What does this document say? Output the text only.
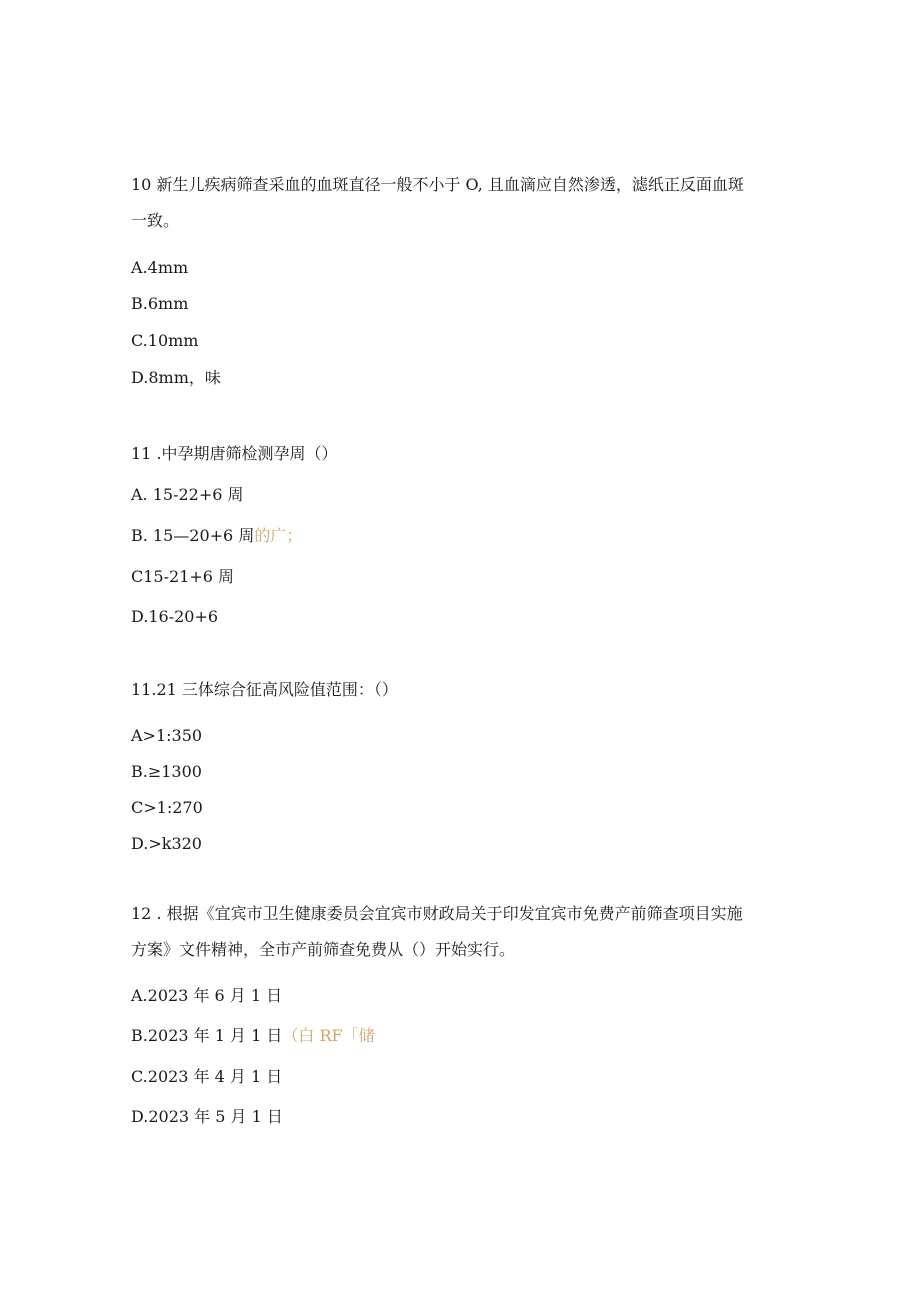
10 新生儿疾病筛查采血的血斑直径一般不小于 O, 且血滴应自然渗透，滤纸正反面血斑
一致。
A.4mm
B.6mm
C.10mm
D.8mm，味
11 .中孕期唐筛检测孕周（）
A. 15-22+6 周
B. 15—20+6 周的广；
C15-21+6 周
D.16-20+6
11.21 三体综合征高风险值范围：（）
A>1:350
B.≥1300
C>1:270
D.>k320
12 . 根据《宜宾市卫生健康委员会宜宾市财政局关于印发宜宾市免费产前筛查项目实施
方案》文件精神，全市产前筛查免费从（）开始实行。
A.2023 年 6 月 1 日
B.2023 年 1 月 1 日（白 RF「储
C.2023 年 4 月 1 日
D.2023 年 5 月 1 日
